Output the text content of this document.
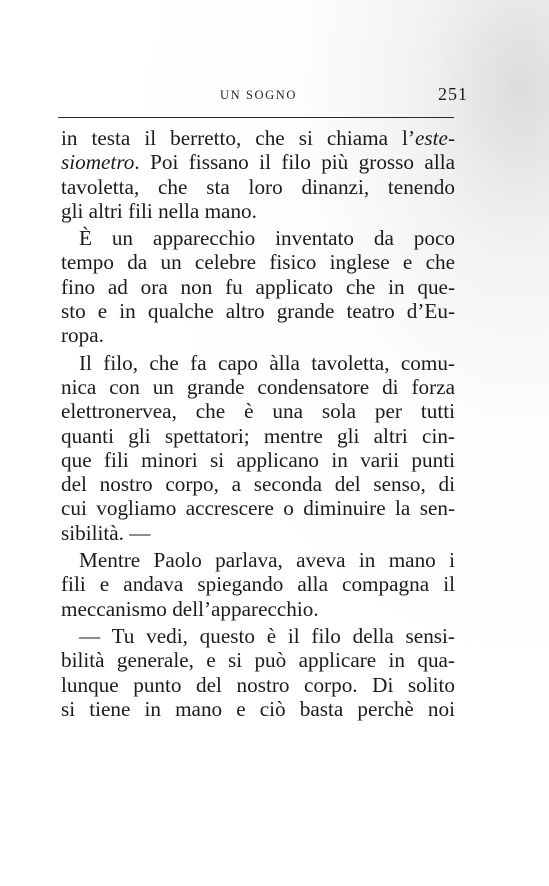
UN SOGNO	251
in testa il berretto, che si chiama l’este-
siometro. Poi fissano il filo più grosso alla
tavoletta, che sta loro dinanzi, tenendo
gli altri fili nella mano.
È un apparecchio inventato da poco
tempo da un celebre fisico inglese e che
fino ad ora non fu applicato che in que-
sto e in qualche altro grande teatro d’Eu-
ropa.
Il filo, che fa capo àlla tavoletta, comu-
nica con un grande condensatore di forza
elettronervea, che è una sola per tutti
quanti gli spettatori; mentre gli altri cin-
que fili minori si applicano in varii punti
del nostro corpo, a seconda del senso, di
cui vogliamo accrescere o diminuire la sen-
sibilità. —
Mentre Paolo parlava, aveva in mano i
fili e andava spiegando alla compagna il
meccanismo dell’apparecchio.
— Tu vedi, questo è il filo della sensi-
bilità generale, e si può applicare in qua-
lunque punto del nostro corpo. Di solito
si tiene in mano e ciò basta perchè noi
